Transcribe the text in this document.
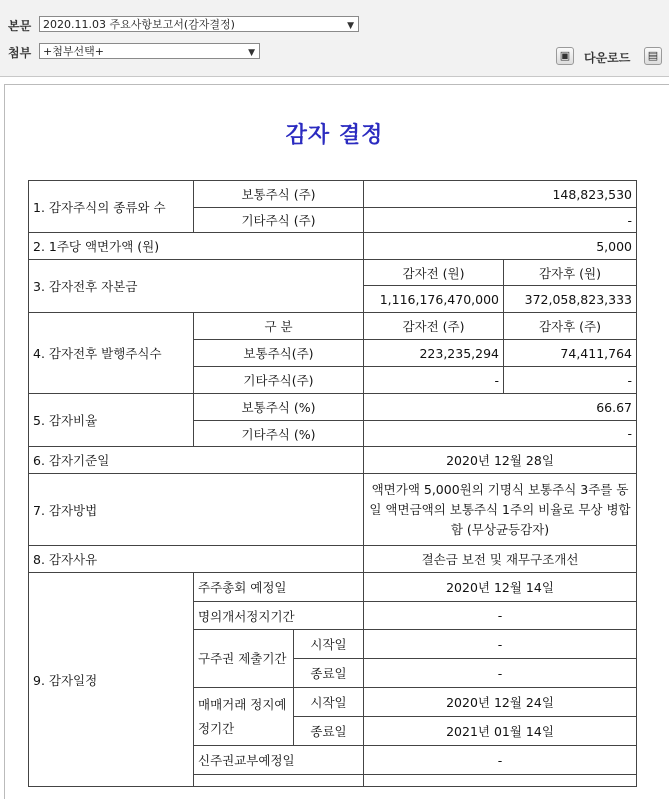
본문	2020.11.03 주요사항보고서(감자결정)	▼
첨부	+첨부선택+	▼	▣	다운로드	▤
감자 결정
1. 감자주식의 종류와 수	보통주식 (주)		148,823,530	
	기타주식 (주)		-	
2. 1주당 액면가액 (원)			5,000	
3. 감자전후 자본금			감자전 (원)	감자후 (원)
			1,116,176,470,000	372,058,823,333
4. 감자전후 발행주식수	구 분		감자전 (주)	감자후 (주)
	보통주식(주)		223,235,294	74,411,764
	기타주식(주)		-	-
5. 감자비율	보통주식 (%)		66.67	
	기타주식 (%)		-	
6. 감자기준일			2020년 12월 28일	
7. 감자방법			액면가액 5,000원의 기명식 보통주식 3주를 동일 액면금액의 보통주식 1주의 비율로 무상 병합함 (무상균등감자)	
8. 감자사유			결손금 보전 및 재무구조개선	
9. 감자일정	주주총회 예정일		2020년 12월 14일	
	명의개서정지기간		-	
	구주권 제출기간	시작일	-	
		종료일	-	
	매매거래 정지예정기간	시작일	2020년 12월 24일	
		종료일	2021년 01월 14일	
	신주권교부예정일		-	
